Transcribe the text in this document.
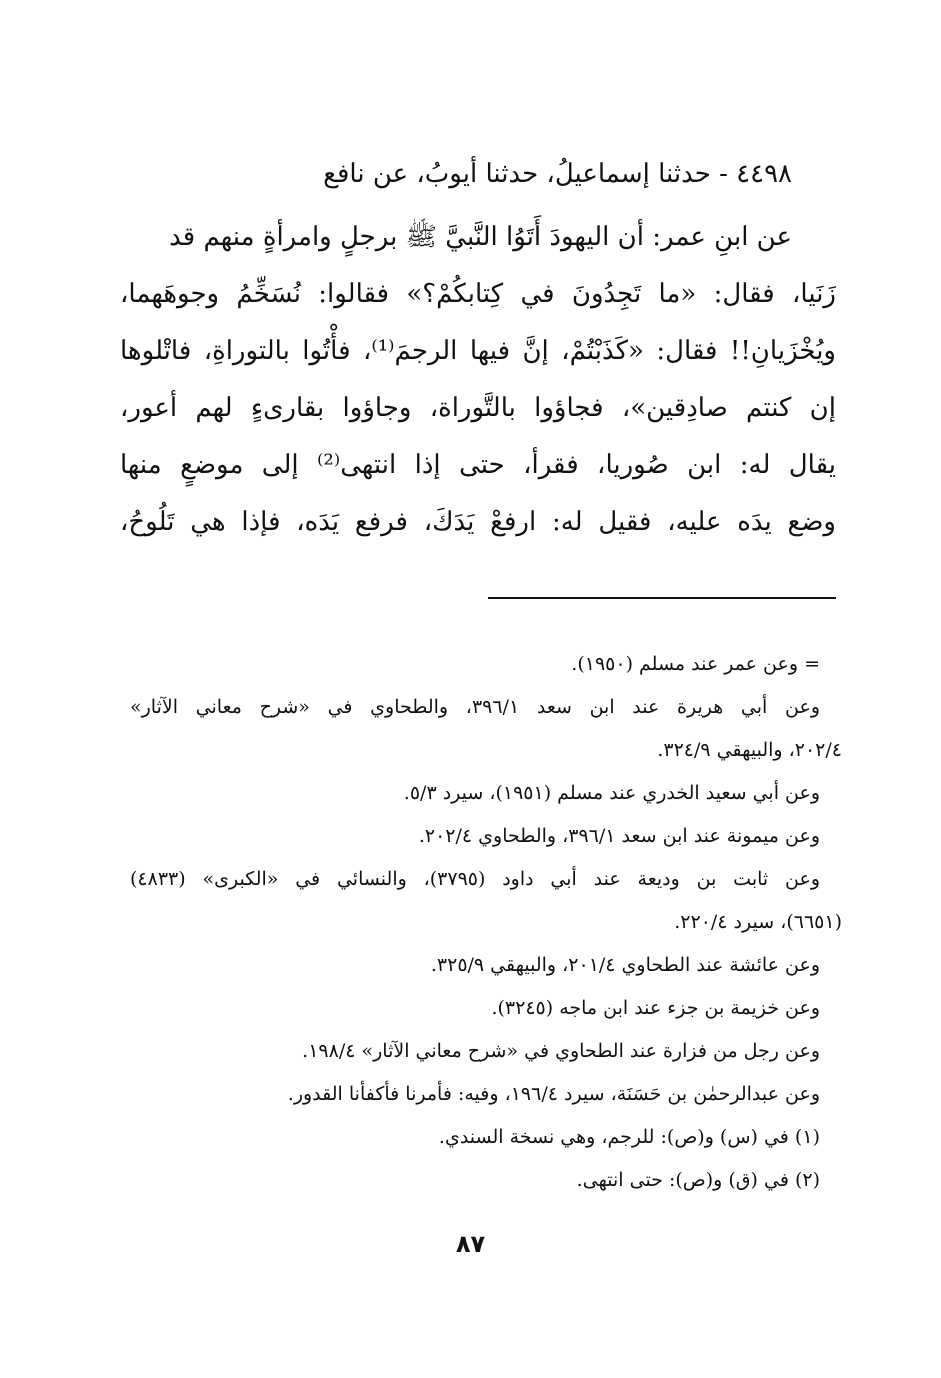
٤٤٩٨ - حدثنا إسماعيلُ، حدثنا أيوبُ، عن نافع
عن ابنِ عمر: أن اليهودَ أَتَوُا النَّبيَّ ﷺ برجلٍ وامرأةٍ منهم قد
زَنَيا، فقال: «ما تَجِدُونَ في كِتابكُمْ؟» فقالوا: نُسَخِّمُ وجوهَهما،
ويُخْزَيانِ!! فقال: «كَذَبْتُمْ، إنَّ فيها الرجمَ⁽¹⁾، فأْتُوا بالتوراةِ، فاتْلوها
إن كنتم صادِقين»، فجاؤوا بالتَّوراة، وجاؤوا بقارىءٍ لهم أعور،
يقال له: ابن صُوريا، فقرأ، حتى إذا انتهى⁽²⁾ إلى موضعٍ منها
وضع يدَه عليه، فقيل له: ارفعْ يَدَكَ، فرفع يَدَه، فإذا هي تَلُوحُ،
= وعن عمر عند مسلم (١٩٥٠).
وعن أبي هريرة عند ابن سعد ٣٩٦/١، والطحاوي في «شرح معاني الآثار»
٢٠٢/٤، والبيهقي ٣٢٤/٩.
وعن أبي سعيد الخدري عند مسلم (١٩٥١)، سيرد ٥/٣.
وعن ميمونة عند ابن سعد ٣٩٦/١، والطحاوي ٢٠٢/٤.
وعن ثابت بن وديعة عند أبي داود (٣٧٩٥)، والنسائي في «الكبرى» (٤٨٣٣)
(٦٦٥١)، سيرد ٢٢٠/٤.
وعن عائشة عند الطحاوي ٢٠١/٤، والبيهقي ٣٢٥/٩.
وعن خزيمة بن جزء عند ابن ماجه (٣٢٤٥).
وعن رجل من فزارة عند الطحاوي في «شرح معاني الآثار» ١٩٨/٤.
وعن عبدالرحمٰن بن حَسَنَة، سيرد ١٩٦/٤، وفيه: فأمرنا فأكفأنا القدور.
(١) في (س) و(ص): للرجم، وهي نسخة السندي.
(٢) في (ق) و(ص): حتى انتهى.
٨٧
